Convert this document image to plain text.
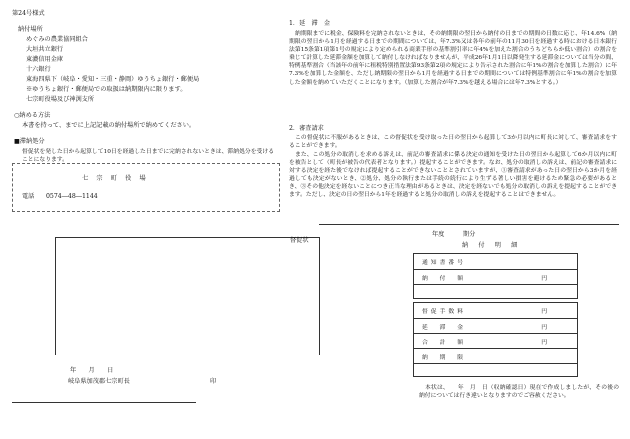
第24号様式
納付場所
めぐみの農業協同組合
大垣共立銀行
東濃信用金庫
十六銀行
東海四県下（岐阜・愛知・三重・静岡）ゆうちょ銀行・郵便局
※ゆうちょ銀行・郵便局での取扱は納期限内に限ります。
七宗町役場及び神渕支所
○納める方法
本書を持って、までに上記記載の納付場所で納めてください。
■滞納処分
督促状を発した日から起算して10日を経過した日までに完納されないときは、滞納処分を受けることになります。
七　宗　町　役　場
電話 0574―48―1144
年　　月　　日
岐阜県加茂郡七宗町長	印
1．延　滞　金
納期限までに税金、保険料を完納されないときは、その納期限の翌日から納付の日までの期間の日数に応じ、年14.6%（納期限の翌日から1月を経過する日までの期間については、年7.3%又は各年の前年の11月30日を経過する時における日本銀行法第15条第1項第1号の規定により定められる商業手形の基準割引率に年4%を加えた割合のうちどちらか低い割合）の割合を乗じて計算した延滞金額を加算して納付しなければなりませんが、平成26年1月1日以降発生する延滞金については当分の間、特例基準割合（当該年の前年に租税特別措置法第93条第2項の規定により告示された割合に年1%の割合を加算した割合）に年7.3%を加算した金額を、ただし納期限の翌日から1月を経過する日までの期間については特例基準割合に年1%の割合を加算した金額を納めていただくことになります。（加算した割合が年7.3%を越える場合には年7.3%とする。）
2．審査請求
この督促状に不服があるときは、この督促状を受け取った日の翌日から起算して3か月以内に町長に対して、審査請求をすることができます。
また、この処分の取消しを求める訴えは、前記の審査請求に係る決定の通知を受けた日の翌日から起算して6か月以内に町を被告として（町長が被告の代表者となります。）提起することができます。なお、処分の取消しの訴えは、前記の審査請求に対する決定を経た後でなければ提起することができないこととされていますが、①審査請求があった日の翌日から3か月を経過しても決定がないとき、②処分、処分の執行または手続の続行により生ずる著しい損害を避けるため緊急の必要があるとき、③その他決定を経ないことにつき正当な理由があるときは、決定を経ないでも処分の取消しの訴えを提起することができます。ただし、決定の日の翌日から1年を経過すると処分の取消しの訴えを提起することはできません。
督促状
年度　　　期分
納　付　明　細
通知書番号
納　付　額	円
督促手数料	円
延　滞　金	円
合　計　額	円
納　期　限
本状は、　　年　月　日（収納確認日）現在で作成しましたが、その後の納付については行き違いとなりますのでご容赦ください。
